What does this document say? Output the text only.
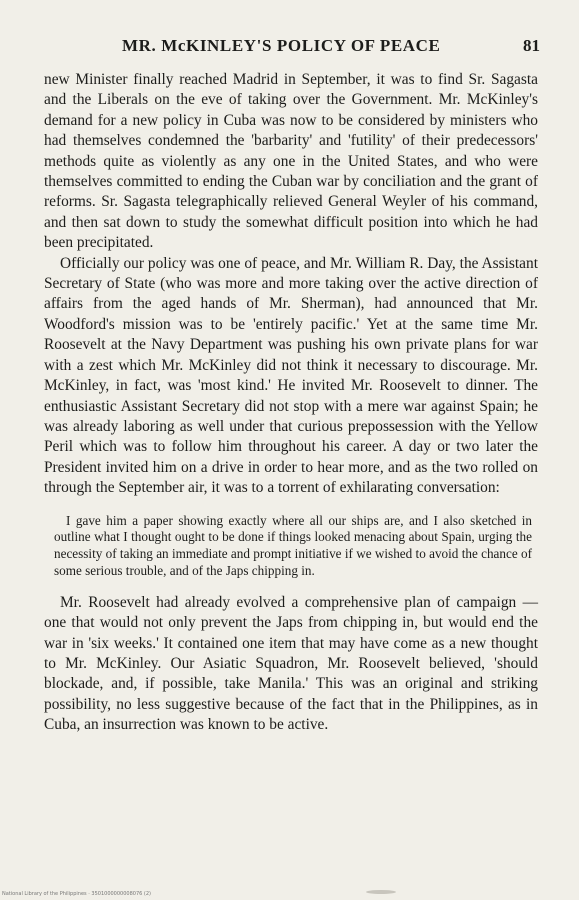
MR. McKINLEY'S POLICY OF PEACE	81

new Minister finally reached Madrid in September, it was to find Sr. Sagasta and the Liberals on the eve of taking over the Government. Mr. McKinley's demand for a new policy in Cuba was now to be considered by ministers who had themselves condemned the 'barbarity' and 'futility' of their predecessors' methods quite as violently as any one in the United States, and who were themselves committed to ending the Cuban war by conciliation and the grant of reforms. Sr. Sagasta telegraphically relieved General Weyler of his command, and then sat down to study the somewhat difficult position into which he had been precipitated.

Officially our policy was one of peace, and Mr. William R. Day, the Assistant Secretary of State (who was more and more taking over the active direction of affairs from the aged hands of Mr. Sherman), had announced that Mr. Woodford's mission was to be 'entirely pacific.' Yet at the same time Mr. Roosevelt at the Navy Department was pushing his own private plans for war with a zest which Mr. McKinley did not think it necessary to discourage. Mr. McKinley, in fact, was 'most kind.' He invited Mr. Roosevelt to dinner. The enthusiastic Assistant Secretary did not stop with a mere war against Spain; he was already laboring as well under that curious prepossession with the Yellow Peril which was to follow him throughout his career. A day or two later the President invited him on a drive in order to hear more, and as the two rolled on through the September air, it was to a torrent of exhilarating conversation:

I gave him a paper showing exactly where all our ships are, and I also sketched in outline what I thought ought to be done if things looked menacing about Spain, urging the necessity of taking an immediate and prompt initiative if we wished to avoid the chance of some serious trouble, and of the Japs chipping in.

Mr. Roosevelt had already evolved a comprehensive plan of campaign — one that would not only prevent the Japs from chipping in, but would end the war in 'six weeks.' It contained one item that may have come as a new thought to Mr. McKinley. Our Asiatic Squadron, Mr. Roosevelt believed, 'should blockade, and, if possible, take Manila.' This was an original and striking possibility, no less suggestive because of the fact that in the Philippines, as in Cuba, an insurrection was known to be active.

National Library of the Philippines · 3501000000008076 (2)
